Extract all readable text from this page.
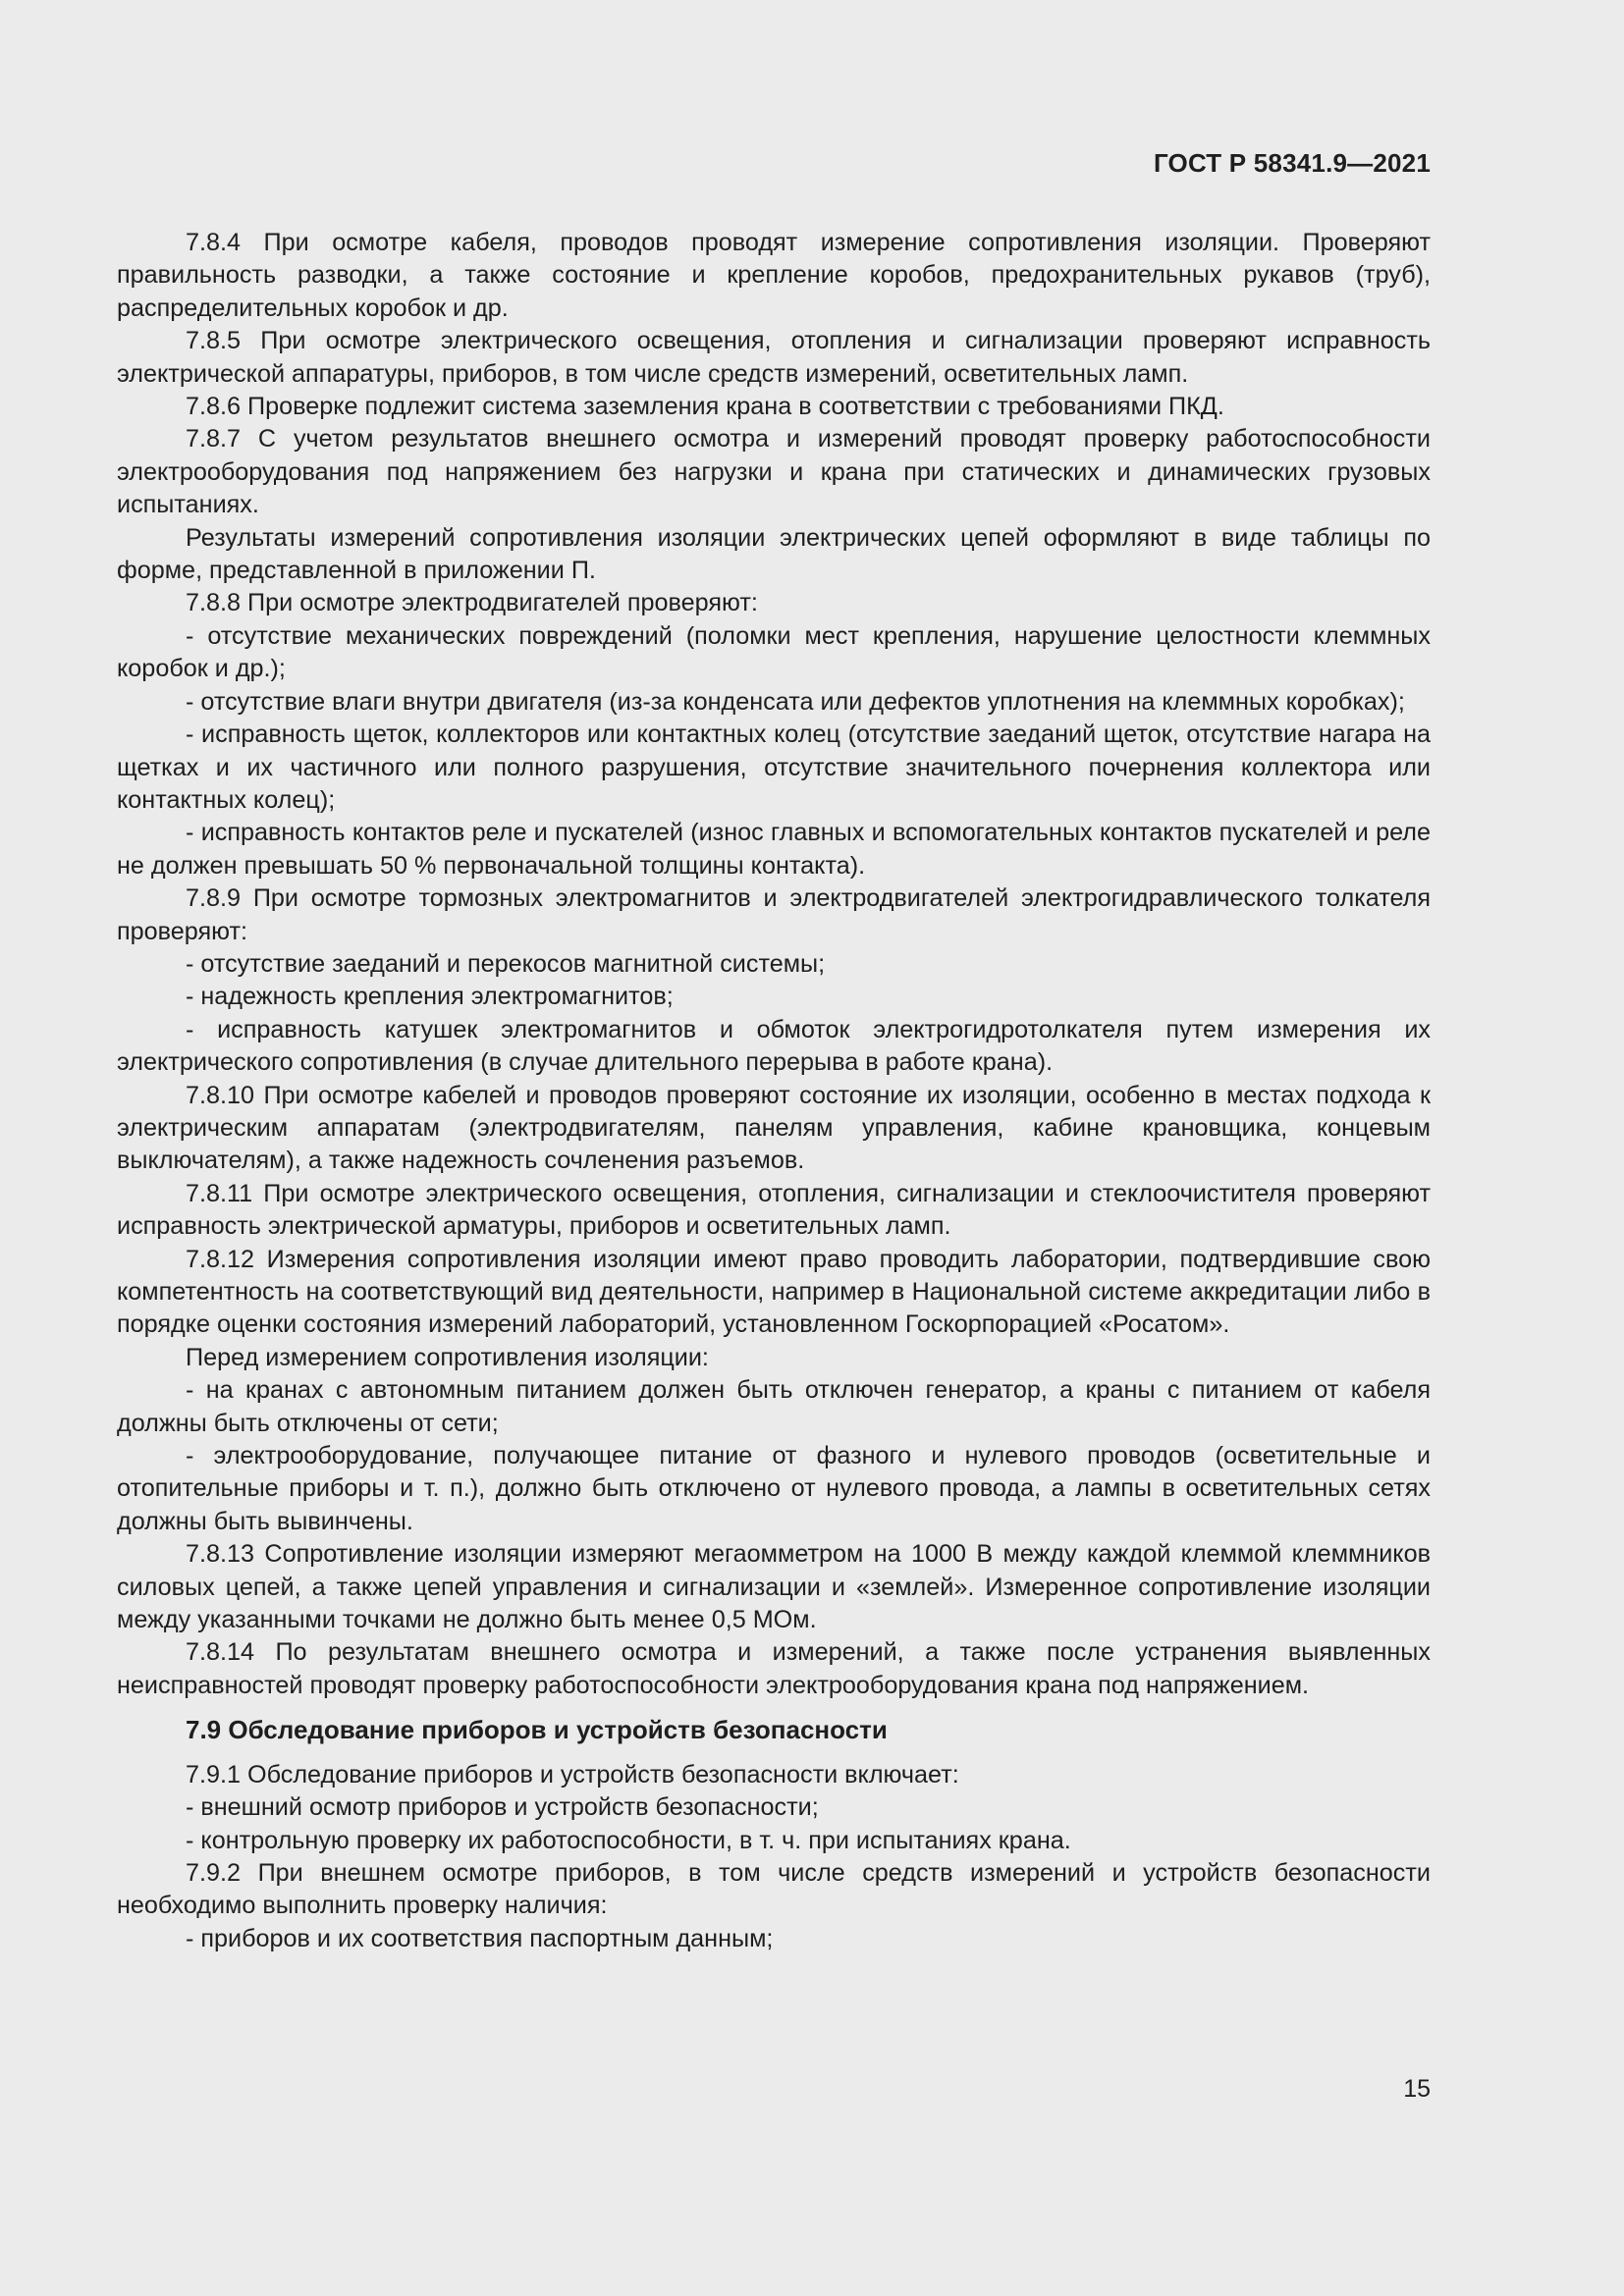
ГОСТ Р 58341.9—2021

7.8.4 При осмотре кабеля, проводов проводят измерение сопротивления изоляции. Проверяют правильность разводки, а также состояние и крепление коробов, предохранительных рукавов (труб), распределительных коробок и др.

7.8.5 При осмотре электрического освещения, отопления и сигнализации проверяют исправность электрической аппаратуры, приборов, в том числе средств измерений, осветительных ламп.

7.8.6 Проверке подлежит система заземления крана в соответствии с требованиями ПКД.

7.8.7 С учетом результатов внешнего осмотра и измерений проводят проверку работоспособности электрооборудования под напряжением без нагрузки и крана при статических и динамических грузовых испытаниях.

Результаты измерений сопротивления изоляции электрических цепей оформляют в виде таблицы по форме, представленной в приложении П.

7.8.8 При осмотре электродвигателей проверяют:

- отсутствие механических повреждений (поломки мест крепления, нарушение целостности клеммных коробок и др.);

- отсутствие влаги внутри двигателя (из-за конденсата или дефектов уплотнения на клеммных коробках);

- исправность щеток, коллекторов или контактных колец (отсутствие заеданий щеток, отсутствие нагара на щетках и их частичного или полного разрушения, отсутствие значительного почернения коллектора или контактных колец);

- исправность контактов реле и пускателей (износ главных и вспомогательных контактов пускателей и реле не должен превышать 50 % первоначальной толщины контакта).

7.8.9 При осмотре тормозных электромагнитов и электродвигателей электрогидравлического толкателя проверяют:

- отсутствие заеданий и перекосов магнитной системы;

- надежность крепления электромагнитов;

- исправность катушек электромагнитов и обмоток электрогидротолкателя путем измерения их электрического сопротивления (в случае длительного перерыва в работе крана).

7.8.10 При осмотре кабелей и проводов проверяют состояние их изоляции, особенно в местах подхода к электрическим аппаратам (электродвигателям, панелям управления, кабине крановщика, концевым выключателям), а также надежность сочленения разъемов.

7.8.11 При осмотре электрического освещения, отопления, сигнализации и стеклоочистителя проверяют исправность электрической арматуры, приборов и осветительных ламп.

7.8.12 Измерения сопротивления изоляции имеют право проводить лаборатории, подтвердившие свою компетентность на соответствующий вид деятельности, например в Национальной системе аккредитации либо в порядке оценки состояния измерений лабораторий, установленном Госкорпорацией «Росатом».

Перед измерением сопротивления изоляции:

- на кранах с автономным питанием должен быть отключен генератор, а краны с питанием от кабеля должны быть отключены от сети;

- электрооборудование, получающее питание от фазного и нулевого проводов (осветительные и отопительные приборы и т. п.), должно быть отключено от нулевого провода, а лампы в осветительных сетях должны быть вывинчены.

7.8.13 Сопротивление изоляции измеряют мегаомметром на 1000 В между каждой клеммой клеммников силовых цепей, а также цепей управления и сигнализации и «землей». Измеренное сопротивление изоляции между указанными точками не должно быть менее 0,5 МОм.

7.8.14 По результатам внешнего осмотра и измерений, а также после устранения выявленных неисправностей проводят проверку работоспособности электрооборудования крана под напряжением.

7.9 Обследование приборов и устройств безопасности

7.9.1 Обследование приборов и устройств безопасности включает:

- внешний осмотр приборов и устройств безопасности;

- контрольную проверку их работоспособности, в т. ч. при испытаниях крана.

7.9.2 При внешнем осмотре приборов, в том числе средств измерений и устройств безопасности необходимо выполнить проверку наличия:

- приборов и их соответствия паспортным данным;

15
